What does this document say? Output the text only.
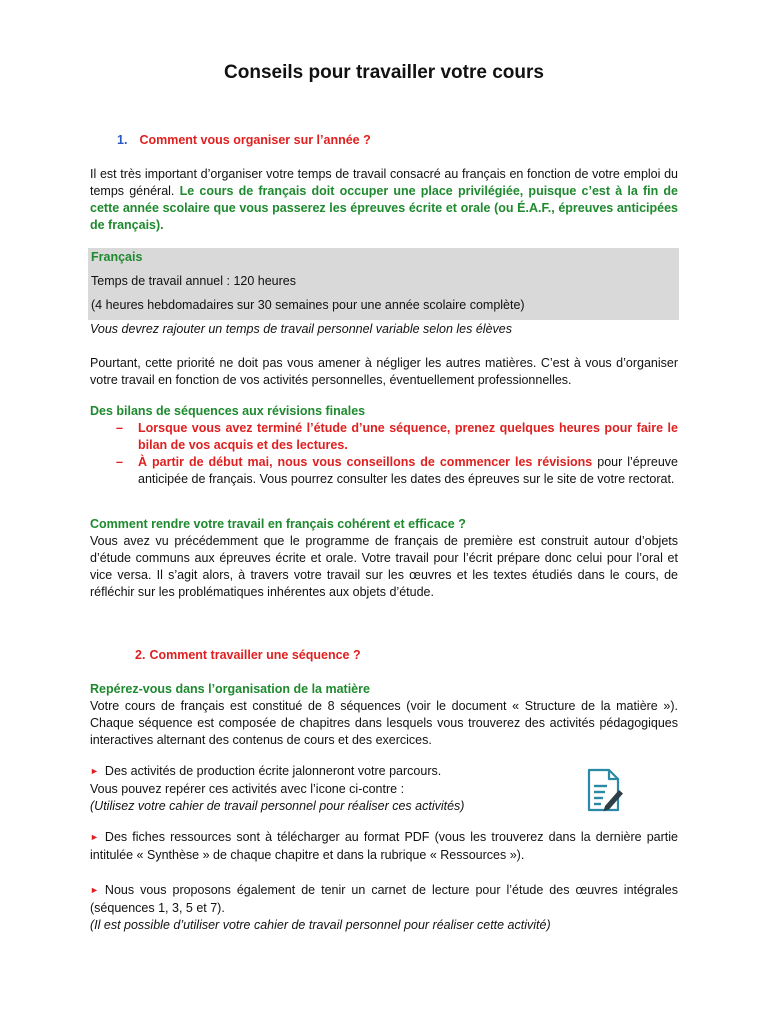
Conseils pour travailler votre cours
1. Comment vous organiser sur l’année ?
Il est très important d’organiser votre temps de travail consacré au français en fonction de votre emploi du temps général. Le cours de français doit occuper une place privilégiée, puisque c’est à la fin de cette année scolaire que vous passerez les épreuves écrite et orale (ou É.A.F., épreuves anticipées de français).
Français
Temps de travail annuel : 120 heures
(4 heures hebdomadaires sur 30 semaines pour une année scolaire complète)
Vous devrez rajouter un temps de travail personnel variable selon les élèves
Pourtant, cette priorité ne doit pas vous amener à négliger les autres matières. C’est à vous d’organiser votre travail en fonction de vos activités personnelles, éventuellement professionnelles.
Des bilans de séquences aux révisions finales
– Lorsque vous avez terminé l’étude d’une séquence, prenez quelques heures pour faire le bilan de vos acquis et des lectures.
– À partir de début mai, nous vous conseillons de commencer les révisions pour l’épreuve anticipée de français. Vous pourrez consulter les dates des épreuves sur le site de votre rectorat.
Comment rendre votre travail en français cohérent et efficace ?
Vous avez vu précédemment que le programme de français de première est construit autour d’objets d’étude communs aux épreuves écrite et orale. Votre travail pour l’écrit prépare donc celui pour l’oral et vice versa. Il s’agit alors, à travers votre travail sur les œuvres et les textes étudiés dans le cours, de réfléchir sur les problématiques inhérentes aux objets d’étude.
2. Comment travailler une séquence ?
Repérez-vous dans l’organisation de la matière
Votre cours de français est constitué de 8 séquences (voir le document « Structure de la matière »). Chaque séquence est composée de chapitres dans lesquels vous trouverez des activités pédagogiques interactives alternant des contenus de cours et des exercices.
► Des activités de production écrite jalonneront votre parcours.
Vous pouvez repérer ces activités avec l’icone ci-contre :
(Utilisez votre cahier de travail personnel pour réaliser ces activités)
► Des fiches ressources sont à télécharger au format PDF (vous les trouverez dans la dernière partie intitulée « Synthèse » de chaque chapitre et dans la rubrique « Ressources »).
► Nous vous proposons également de tenir un carnet de lecture pour l’étude des œuvres intégrales (séquences 1, 3, 5 et 7).
(Il est possible d’utiliser votre cahier de travail personnel pour réaliser cette activité)
